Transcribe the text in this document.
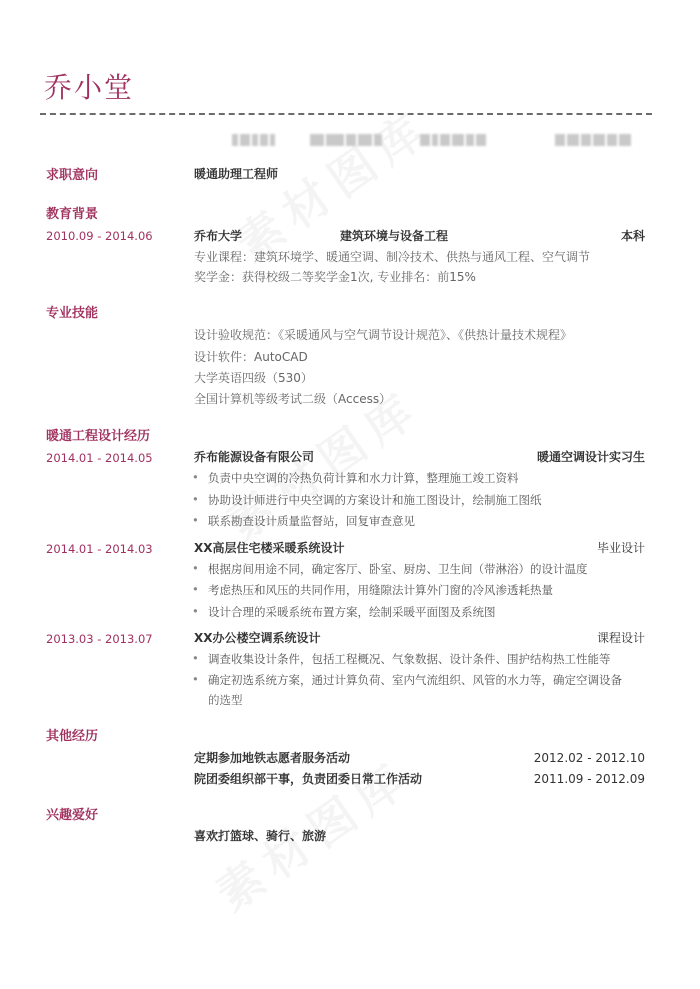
乔小堂
求职意向	暖通助理工程师
教育背景
2010.09 - 2014.06	乔布大学	建筑环境与设备工程	本科
专业课程：建筑环境学、暖通空调、制冷技术、供热与通风工程、空气调节
奖学金：获得校级二等奖学金1次, 专业排名：前15%
专业技能
设计验收规范：《采暖通风与空气调节设计规范》、《供热计量技术规程》
设计软件：AutoCAD
大学英语四级（530）
全国计算机等级考试二级（Access）
暖通工程设计经历
2014.01 - 2014.05	乔布能源设备有限公司	暖通空调设计实习生
• 负责中央空调的冷热负荷计算和水力计算，整理施工竣工资料
• 协助设计师进行中央空调的方案设计和施工图设计，绘制施工图纸
• 联系勘查设计质量监督站，回复审查意见
2014.01 - 2014.03	XX高层住宅楼采暖系统设计	毕业设计
• 根据房间用途不同，确定客厅、卧室、厨房、卫生间（带淋浴）的设计温度
• 考虑热压和风压的共同作用，用缝隙法计算外门窗的冷风渗透耗热量
• 设计合理的采暖系统布置方案，绘制采暖平面图及系统图
2013.03 - 2013.07	XX办公楼空调系统设计	课程设计
• 调查收集设计条件，包括工程概况、气象数据、设计条件、围护结构热工性能等
• 确定初选系统方案，通过计算负荷、室内气流组织、风管的水力等，确定空调设备
的选型
其他经历
定期参加地铁志愿者服务活动	2012.02 - 2012.10
院团委组织部干事，负责团委日常工作活动	2011.09 - 2012.09
兴趣爱好
喜欢打篮球、骑行、旅游
